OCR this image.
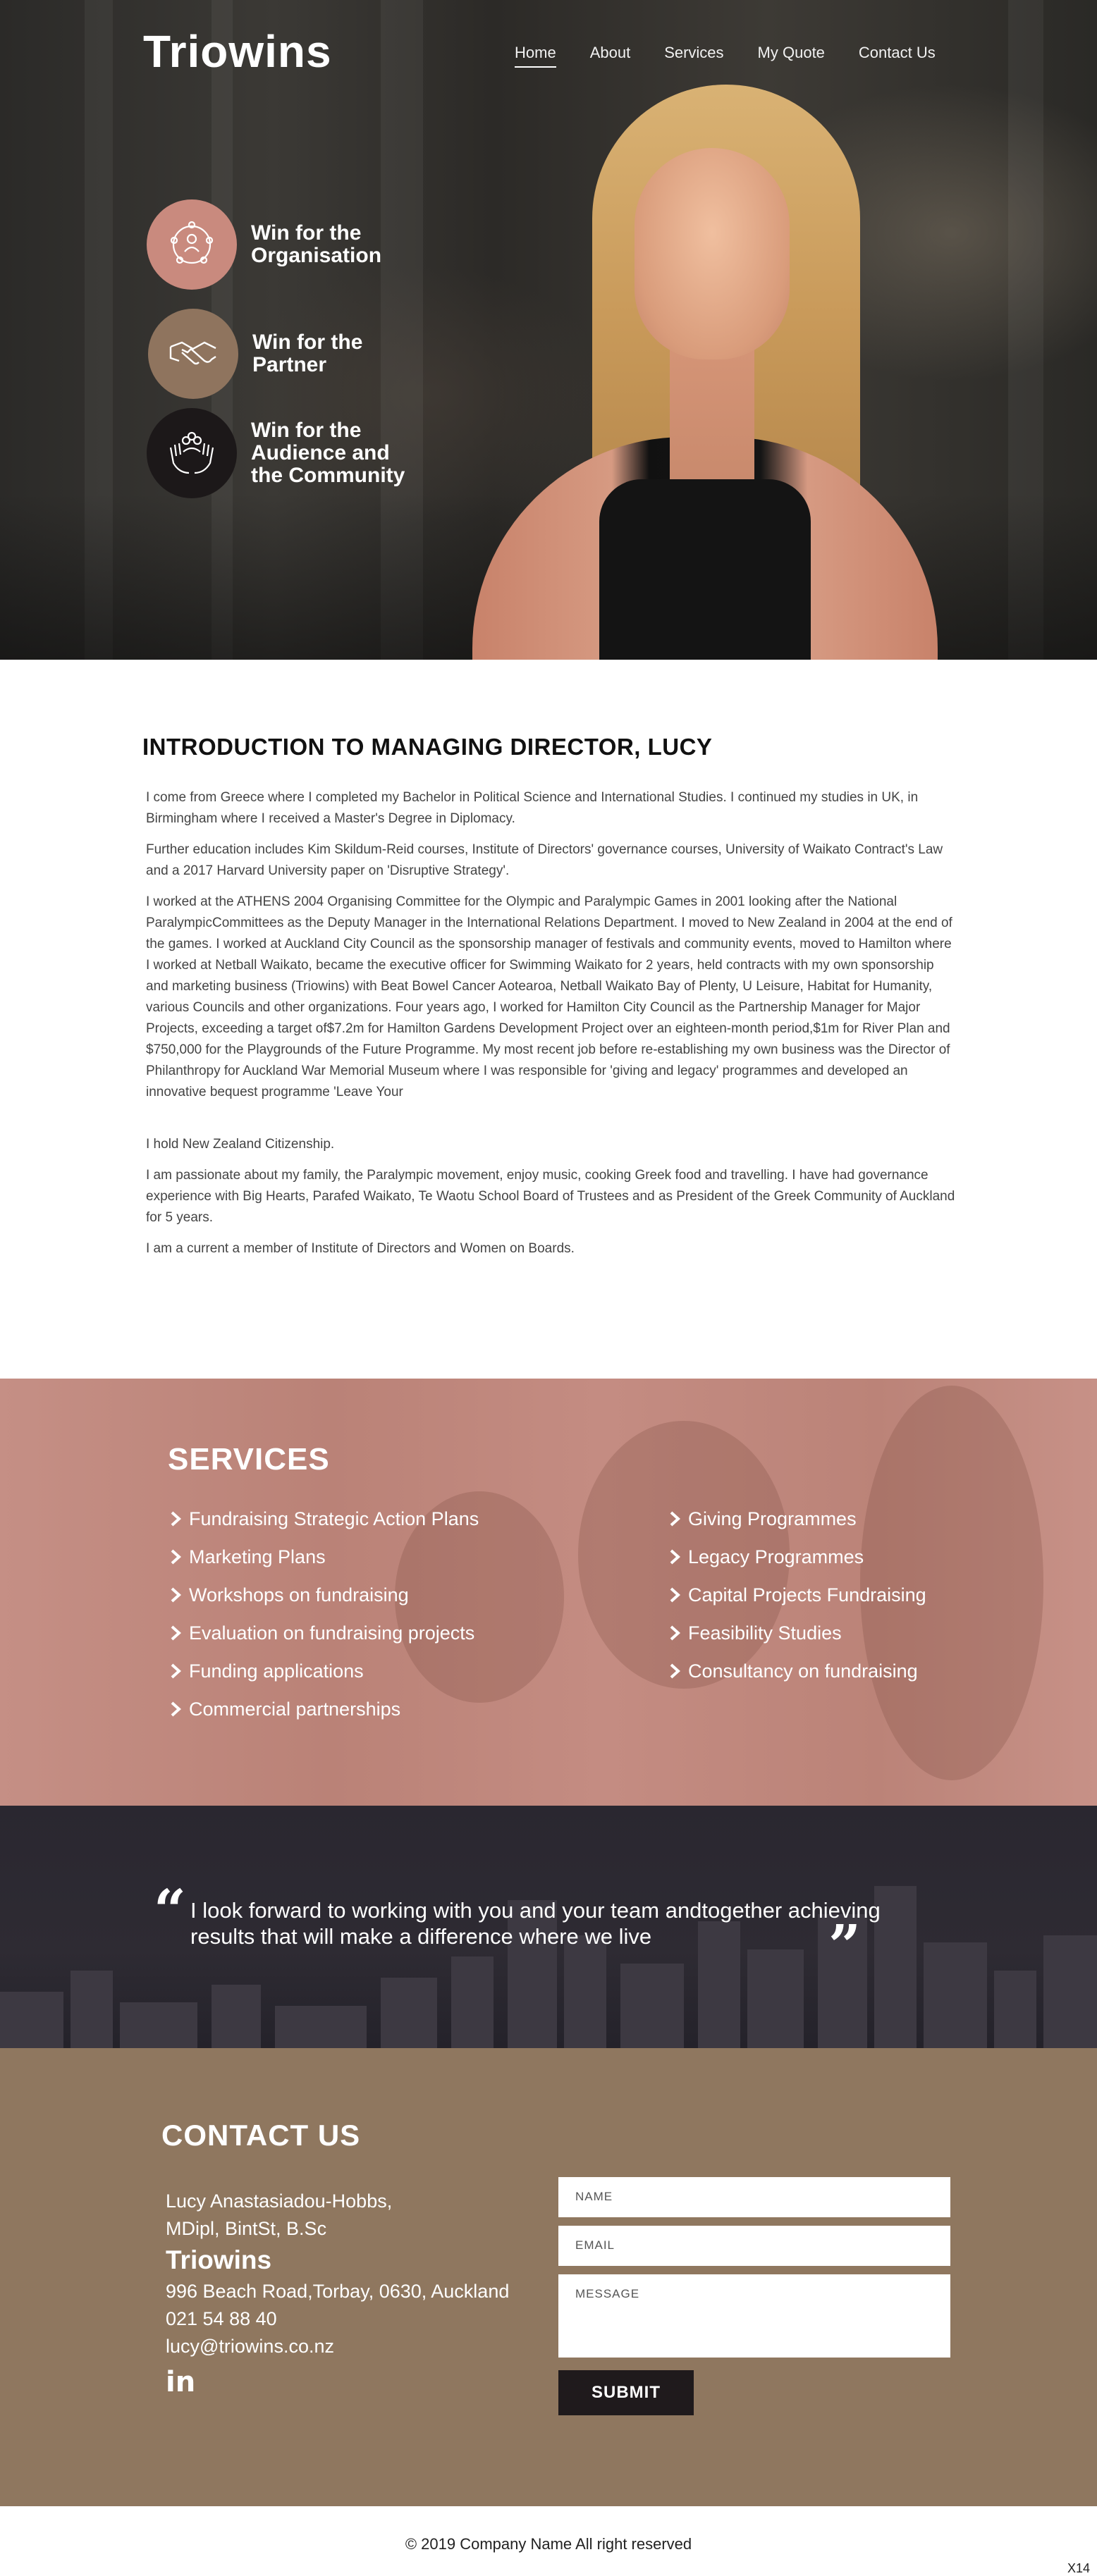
Triowins	Home About Services My Quote Contact Us
Win for the Organisation
Win for the Partner
Win for the Audience and the Community
INTRODUCTION TO MANAGING DIRECTOR, LUCY

I come from Greece where I completed my Bachelor in Political Science and International Studies. I continued my studies in UK, in Birmingham where I received a Master's Degree in Diplomacy.

Further education includes Kim Skildum-Reid courses, Institute of Directors' governance courses, University of Waikato Contract's Law and a 2017 Harvard University paper on 'Disruptive Strategy'.

I worked at the ATHENS 2004 Organising Committee for the Olympic and Paralympic Games in 2001 looking after the National ParalympicCommittees as the Deputy Manager in the International Relations Department. I moved to New Zealand in 2004 at the end of the games. I worked at Auckland City Council as the sponsorship manager of festivals and community events, moved to Hamilton where I worked at Netball Waikato, became the executive officer for Swimming Waikato for 2 years, held contracts with my own sponsorship and marketing business (Triowins) with Beat Bowel Cancer Aotearoa, Netball Waikato Bay of Plenty, U Leisure, Habitat for Humanity, various Councils and other organizations. Four years ago, I worked for Hamilton City Council as the Partnership Manager for Major Projects, exceeding a target of$7.2m for Hamilton Gardens Development Project over an eighteen-month period,$1m for River Plan and $750,000 for the Playgrounds of the Future Programme. My most recent job before re-establishing my own business was the Director of Philanthropy for Auckland War Memorial Museum where I was responsible for 'giving and legacy' programmes and developed an innovative bequest programme 'Leave Your

I hold New Zealand Citizenship.

I am passionate about my family, the Paralympic movement, enjoy music, cooking Greek food and travelling. I have had governance experience with Big Hearts, Parafed Waikato, Te Waotu School Board of Trustees and as President of the Greek Community of Auckland for 5 years.

I am a current a member of Institute of Directors and Women on Boards.

SERVICES
Fundraising Strategic Action Plans
Marketing Plans
Workshops on fundraising
Evaluation on fundraising projects
Funding applications
Commercial partnerships
Giving Programmes
Legacy Programmes
Capital Projects Fundraising
Feasibility Studies
Consultancy on fundraising
“ I look forward to working with you and your team andtogether achieving results that will make a difference where we live	”
CONTACT US
Lucy Anastasiadou-Hobbs,
MDipl, BintSt, B.Sc
Triowins
996 Beach Road,Torbay, 0630, Auckland
021 54 88 40
lucy@triowins.co.nz
in
NAME
EMAIL
MESSAGE
SUBMIT
© 2019 Company Name All right reserved
X14
